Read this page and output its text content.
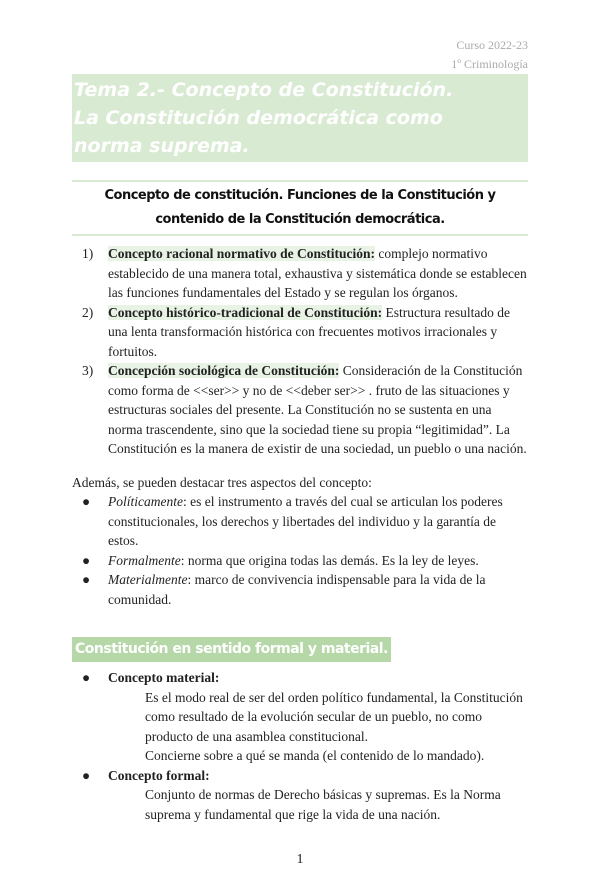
Curso 2022-23
1º Criminología
Tema 2.- Concepto de Constitución.
La Constitución democrática como
norma suprema.
Concepto de constitución. Funciones de la Constitución y
contenido de la Constitución democrática.
1)	Concepto racional normativo de Constitución: complejo normativo establecido de una manera total, exhaustiva y sistemática donde se establecen las funciones fundamentales del Estado y se regulan los órganos.
2)	Concepto histórico-tradicional de Constitución: Estructura resultado de una lenta transformación histórica con frecuentes motivos irracionales y fortuitos.
3)	Concepción sociológica de Constitución: Consideración de la Constitución como forma de <<ser>> y no de <<deber ser>> . fruto de las situaciones y estructuras sociales del presente. La Constitución no se sustenta en una norma trascendente, sino que la sociedad tiene su propia “legitimidad”. La Constitución es la manera de existir de una sociedad, un pueblo o una nación.
Además, se pueden destacar tres aspectos del concepto:
●	Políticamente: es el instrumento a través del cual se articulan los poderes constitucionales, los derechos y libertades del individuo y la garantía de estos.
●	Formalmente: norma que origina todas las demás. Es la ley de leyes.
●	Materialmente: marco de convivencia indispensable para la vida de la comunidad.
Constitución en sentido formal y material.
●	Concepto material:
Es el modo real de ser del orden político fundamental, la Constitución como resultado de la evolución secular de un pueblo, no como producto de una asamblea constitucional.
Concierne sobre a qué se manda (el contenido de lo mandado).
●	Concepto formal:
Conjunto de normas de Derecho básicas y supremas. Es la Norma suprema y fundamental que rige la vida de una nación.
1
